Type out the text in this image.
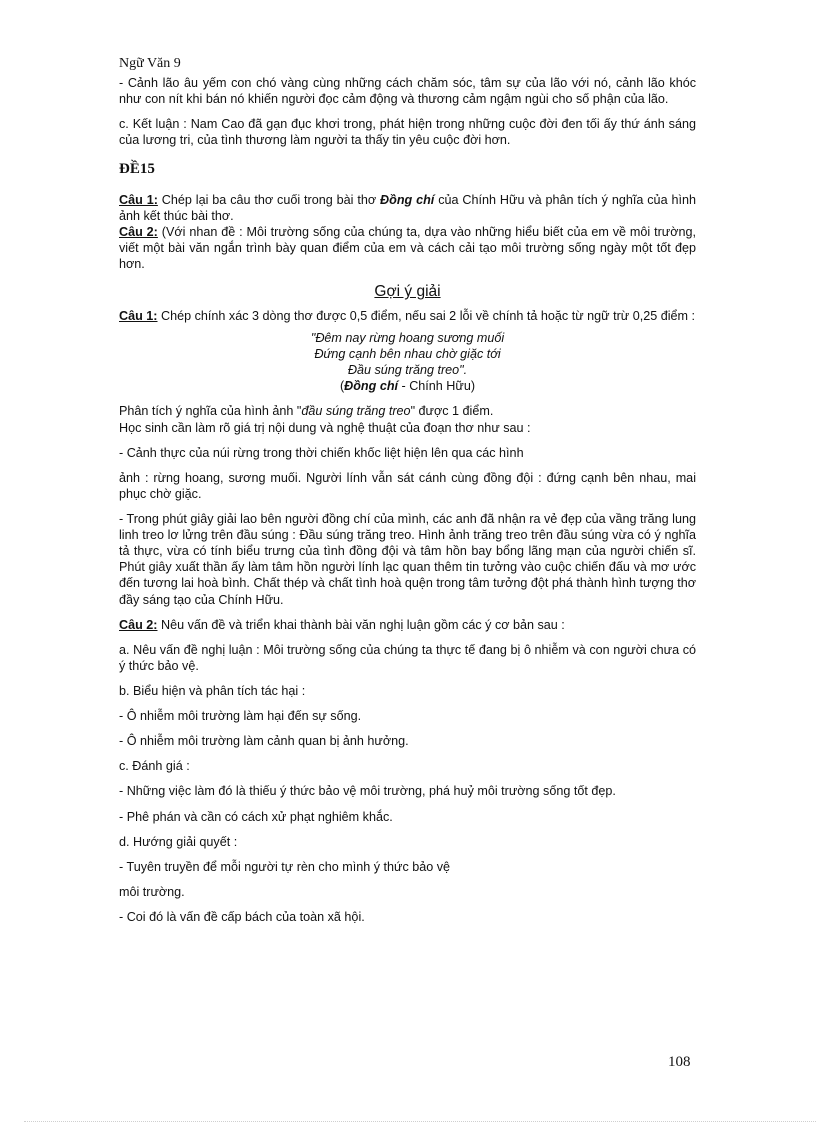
Ngữ Văn 9

- Cảnh lão âu yếm con chó vàng cùng những cách chăm sóc, tâm sự của lão với nó, cảnh lão khóc như con nít khi bán nó khiến người đọc cảm động và thương cảm ngậm ngùi cho số phận của lão.

c. Kết luận : Nam Cao đã gạn đục khơi trong, phát hiện trong những cuộc đời đen tối ấy thứ ánh sáng của lương tri, của tình thương làm người ta thấy tin yêu cuộc đời hơn.

ĐỀ15

Câu 1: Chép lại ba câu thơ cuối trong bài thơ Đồng chí của Chính Hữu và phân tích ý nghĩa của hình ảnh kết thúc bài thơ.

Câu 2: (Với nhan đề : Môi trường sống của chúng ta, dựa vào những hiểu biết của em về môi trường, viết một bài văn ngắn trình bày quan điểm của em và cách cải tạo môi trường sống ngày một tốt đẹp hơn.

Gợi ý giải

Câu 1: Chép chính xác 3 dòng thơ được 0,5 điểm, nếu sai 2 lỗi về chính tả hoặc từ ngữ trừ 0,25 điểm :

"Đêm nay rừng hoang sương muối
Đứng cạnh bên nhau chờ giặc tới
Đầu súng trăng treo".
(Đồng chí - Chính Hữu)

Phân tích ý nghĩa của hình ảnh "đầu súng trăng treo" được 1 điểm.

Học sinh cần làm rõ giá trị nội dung và nghệ thuật của đoạn thơ như sau :

- Cảnh thực của núi rừng trong thời chiến khốc liệt hiện lên qua các hình

ảnh : rừng hoang, sương muối. Người lính vẫn sát cánh cùng đồng đội : đứng cạnh bên nhau, mai phục chờ giặc.

- Trong phút giây giải lao bên người đồng chí của mình, các anh đã nhận ra vẻ đẹp của vầng trăng lung linh treo lơ lửng trên đầu súng : Đầu súng trăng treo. Hình ảnh trăng treo trên đầu súng vừa có ý nghĩa tả thực, vừa có tính biểu trưng của tình đồng đội và tâm hồn bay bổng lãng mạn của người chiến sĩ. Phút giây xuất thần ấy làm tâm hồn người lính lạc quan thêm tin tưởng vào cuộc chiến đấu và mơ ước đến tương lai hoà bình. Chất thép và chất tình hoà quện trong tâm tưởng đột phá thành hình tượng thơ đầy sáng tạo của Chính Hữu.

Câu 2: Nêu vấn đề và triển khai thành bài văn nghị luận gồm các ý cơ bản sau :

a. Nêu vấn đề nghị luận : Môi trường sống của chúng ta thực tế đang bị ô nhiễm và con người chưa có ý thức bảo vệ.

b. Biểu hiện và phân tích tác hại :

- Ô nhiễm môi trường làm hại đến sự sống.

- Ô nhiễm môi trường làm cảnh quan bị ảnh hưởng.

c. Đánh giá :

- Những việc làm đó là thiếu ý thức bảo vệ môi trường, phá huỷ môi trường sống tốt đẹp.

- Phê phán và cần có cách xử phạt nghiêm khắc.

d. Hướng giải quyết :

- Tuyên truyền để mỗi người tự rèn cho mình ý thức bảo vệ

môi trường.

- Coi đó là vấn đề cấp bách của toàn xã hội.

108
